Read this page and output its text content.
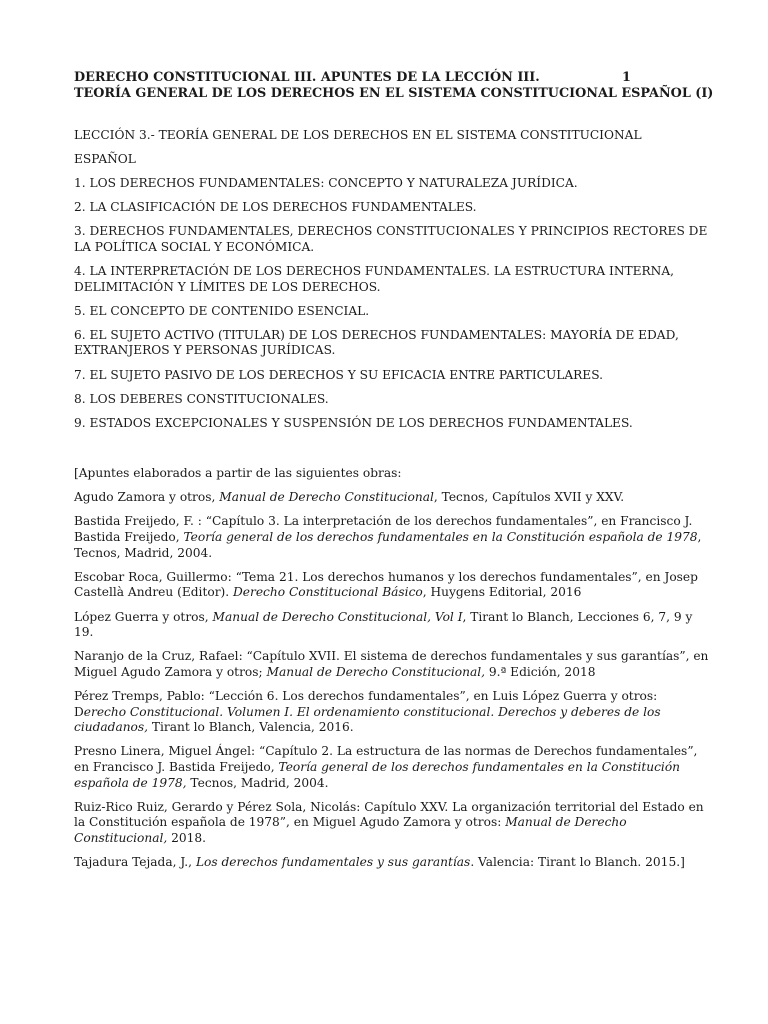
DERECHO CONSTITUCIONAL III. APUNTES DE LA LECCIÓN III.	1
TEORÍA GENERAL DE LOS DERECHOS EN EL SISTEMA CONSTITUCIONAL ESPAÑOL (I)

LECCIÓN 3.- TEORÍA GENERAL DE LOS DERECHOS EN EL SISTEMA CONSTITUCIONAL

ESPAÑOL

1. LOS DERECHOS FUNDAMENTALES: CONCEPTO Y NATURALEZA JURÍDICA.

2. LA CLASIFICACIÓN DE LOS DERECHOS FUNDAMENTALES.

3. DERECHOS FUNDAMENTALES, DERECHOS CONSTITUCIONALES Y PRINCIPIOS RECTORES DE LA POLÍTICA SOCIAL Y ECONÓMICA.

4. LA INTERPRETACIÓN DE LOS DERECHOS FUNDAMENTALES. LA ESTRUCTURA INTERNA, DELIMITACIÓN Y LÍMITES DE LOS DERECHOS.

5. EL CONCEPTO DE CONTENIDO ESENCIAL.

6. EL SUJETO ACTIVO (TITULAR) DE LOS DERECHOS FUNDAMENTALES: MAYORÍA DE EDAD, EXTRANJEROS Y PERSONAS JURÍDICAS.

7. EL SUJETO PASIVO DE LOS DERECHOS Y SU EFICACIA ENTRE PARTICULARES.

8. LOS DEBERES CONSTITUCIONALES.

9. ESTADOS EXCEPCIONALES Y SUSPENSIÓN DE LOS DERECHOS FUNDAMENTALES.

[Apuntes elaborados a partir de las siguientes obras:

Agudo Zamora y otros, Manual de Derecho Constitucional, Tecnos, Capítulos XVII y XXV.

Bastida Freijedo, F. : “Capítulo 3. La interpretación de los derechos fundamentales”, en Francisco J. Bastida Freijedo, Teoría general de los derechos fundamentales en la Constitución española de 1978, Tecnos, Madrid, 2004.

Escobar Roca, Guillermo: “Tema 21. Los derechos humanos y los derechos fundamentales”, en Josep Castellà Andreu (Editor). Derecho Constitucional Básico, Huygens Editorial, 2016

López Guerra y otros, Manual de Derecho Constitucional, Vol I, Tirant lo Blanch, Lecciones 6, 7, 9 y 19.

Naranjo de la Cruz, Rafael: “Capítulo XVII. El sistema de derechos fundamentales y sus garantías”, en Miguel Agudo Zamora y otros; Manual de Derecho Constitucional, 9.ª Edición, 2018

Pérez Tremps, Pablo: “Lección 6. Los derechos fundamentales”, en Luis López Guerra y otros: Derecho Constitucional. Volumen I. El ordenamiento constitucional. Derechos y deberes de los ciudadanos, Tirant lo Blanch, Valencia, 2016.

Presno Linera, Miguel Ángel: “Capítulo 2. La estructura de las normas de Derechos fundamentales”, en Francisco J. Bastida Freijedo, Teoría general de los derechos fundamentales en la Constitución española de 1978, Tecnos, Madrid, 2004.

Ruiz-Rico Ruiz, Gerardo y Pérez Sola, Nicolás: Capítulo XXV. La organización territorial del Estado en la Constitución española de 1978”, en Miguel Agudo Zamora y otros: Manual de Derecho Constitucional, 2018.

Tajadura Tejada, J., Los derechos fundamentales y sus garantías. Valencia: Tirant lo Blanch. 2015.]
